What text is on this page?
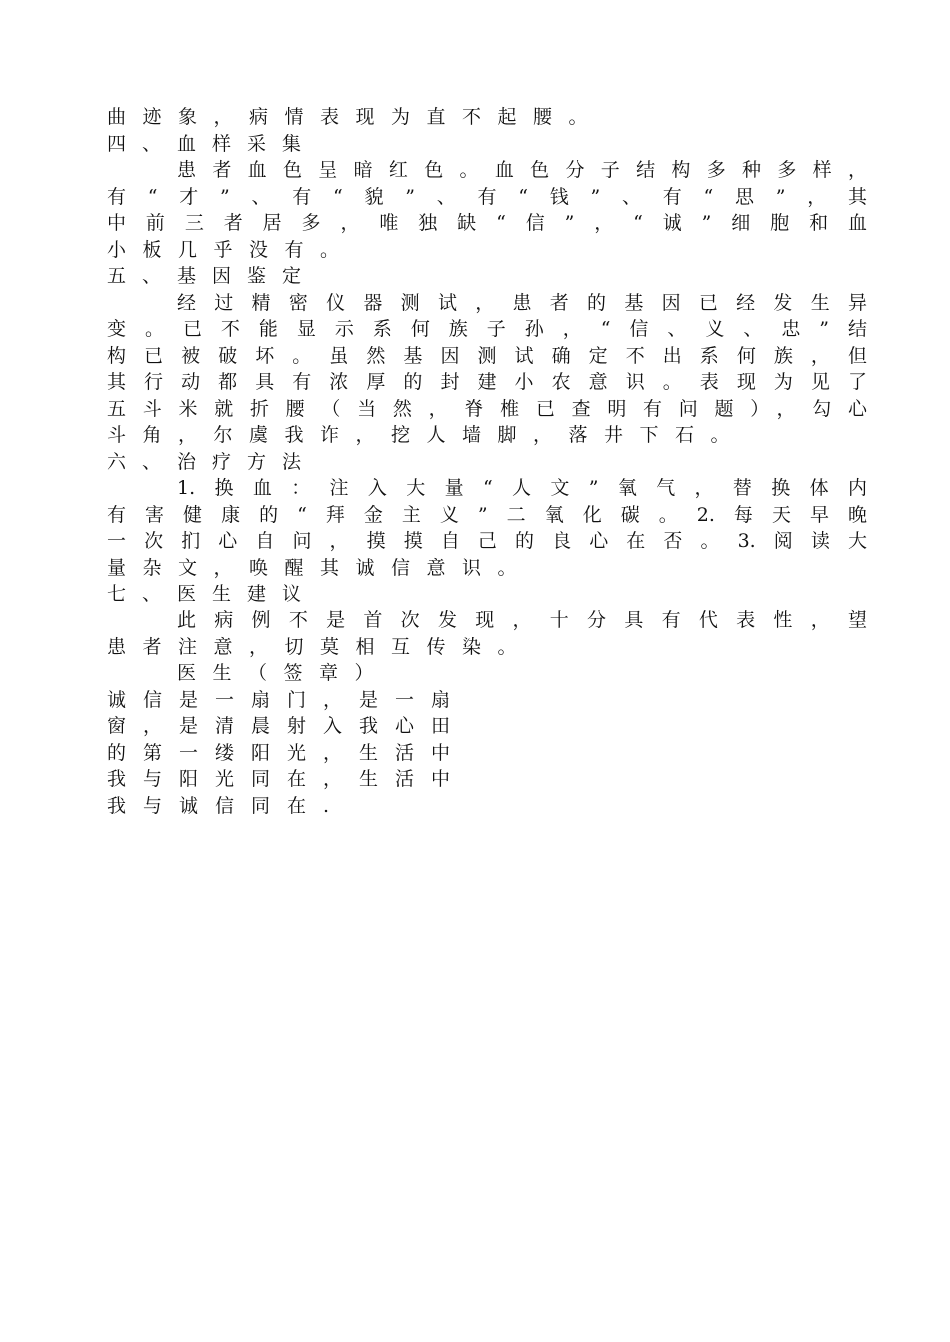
曲迹象，病情表现为直不起腰。
四、血样采集
患者血色呈暗红色。血色分子结构多种多样，
有“才”、有“貌”、有“钱”、有“思”，其
中前三者居多，唯独缺“信”，“诚”细胞和血
小板几乎没有。
五、基因鉴定
经过精密仪器测试，患者的基因已经发生异
变。已不能显示系何族子孙，“信、义、忠”结
构已被破坏。虽然基因测试确定不出系何族，但
其行动都具有浓厚的封建小农意识。表现为见了
五斗米就折腰（当然，脊椎已查明有问题），勾心
斗角，尔虞我诈，挖人墙脚，落井下石。
六、治疗方法
1.换血：注入大量“人文”氧气，替换体内
有害健康的“拜金主义”二氧化碳。2.每天早晚
一次扪心自问，摸摸自己的良心在否。3.阅读大
量杂文，唤醒其诚信意识。
七、医生建议
此病例不是首次发现，十分具有代表性，望
患者注意，切莫相互传染。
医生（签章）
诚信是一扇门，是一扇
窗，是清晨射入我心田
的第一缕阳光，生活中
我与阳光同在，生活中
我与诚信同在.
